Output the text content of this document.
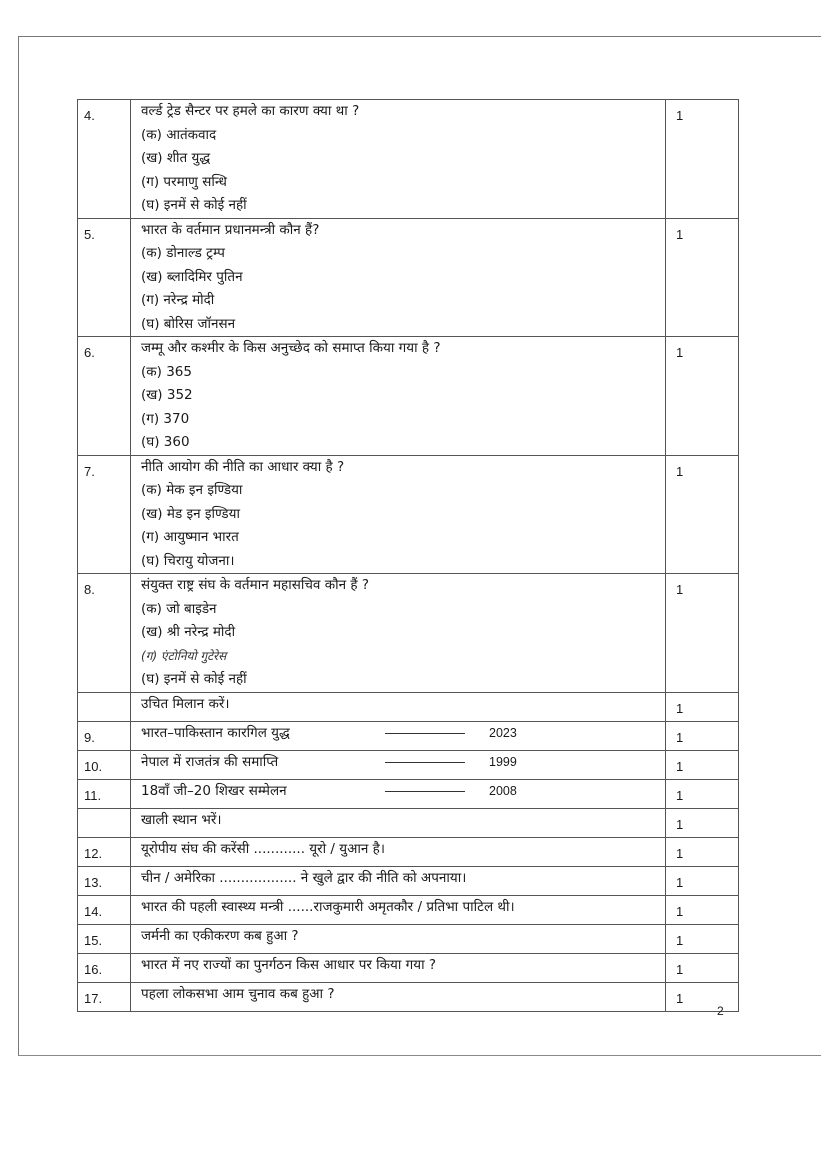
4.	वर्ल्ड ट्रेड सैन्टर पर हमले का कारण क्या था ?
(क) आतंकवाद
(ख) शीत युद्ध
(ग) परमाणु सन्धि
(घ) इनमें से कोई नहीं	1
5.	भारत के वर्तमान प्रधानमन्त्री कौन हैं?
(क) डोनाल्ड ट्रम्प
(ख) ब्लादिमिर पुतिन
(ग) नरेन्द्र मोदी
(घ) बोरिस जॉनसन	1
6.	जम्मू और कश्मीर के किस अनुच्छेद को समाप्त किया गया है ?
(क) 365
(ख) 352
(ग) 370
(घ) 360	1
7.	नीति आयोग की नीति का आधार क्या है ?
(क) मेक इन इण्डिया
(ख) मेड इन इण्डिया
(ग) आयुष्मान भारत
(घ) चिरायु योजना।	1
8.	संयुक्त राष्ट्र संघ के वर्तमान महासचिव कौन हैं ?
(क) जो बाइडेन
(ख) श्री नरेन्द्र मोदी
(ग) एंटोनियो गुटेरेस
(घ) इनमें से कोई नहीं	1
	उचित मिलान करें।	1
9.	भारत–पाकिस्तान कारगिल युद्ध 2023	1
10.	नेपाल में राजतंत्र की समाप्ति 1999	1
11.	18वाँ जी–20 शिखर सम्मेलन 2008	1
	खाली स्थान भरें।	1
12.	यूरोपीय संघ की करेंसी ............ यूरो / युआन है।	1
13.	चीन / अमेरिका .................. ने खुले द्वार की नीति को अपनाया।	1
14.	भारत की पहली स्वास्थ्य मन्त्री ......राजकुमारी अमृतकौर / प्रतिभा पाटिल थी।	1
15.	जर्मनी का एकीकरण कब हुआ ?	1
16.	भारत में नए राज्यों का पुनर्गठन किस आधार पर किया गया ?	1
17.	पहला लोकसभा आम चुनाव कब हुआ ?	1
2
